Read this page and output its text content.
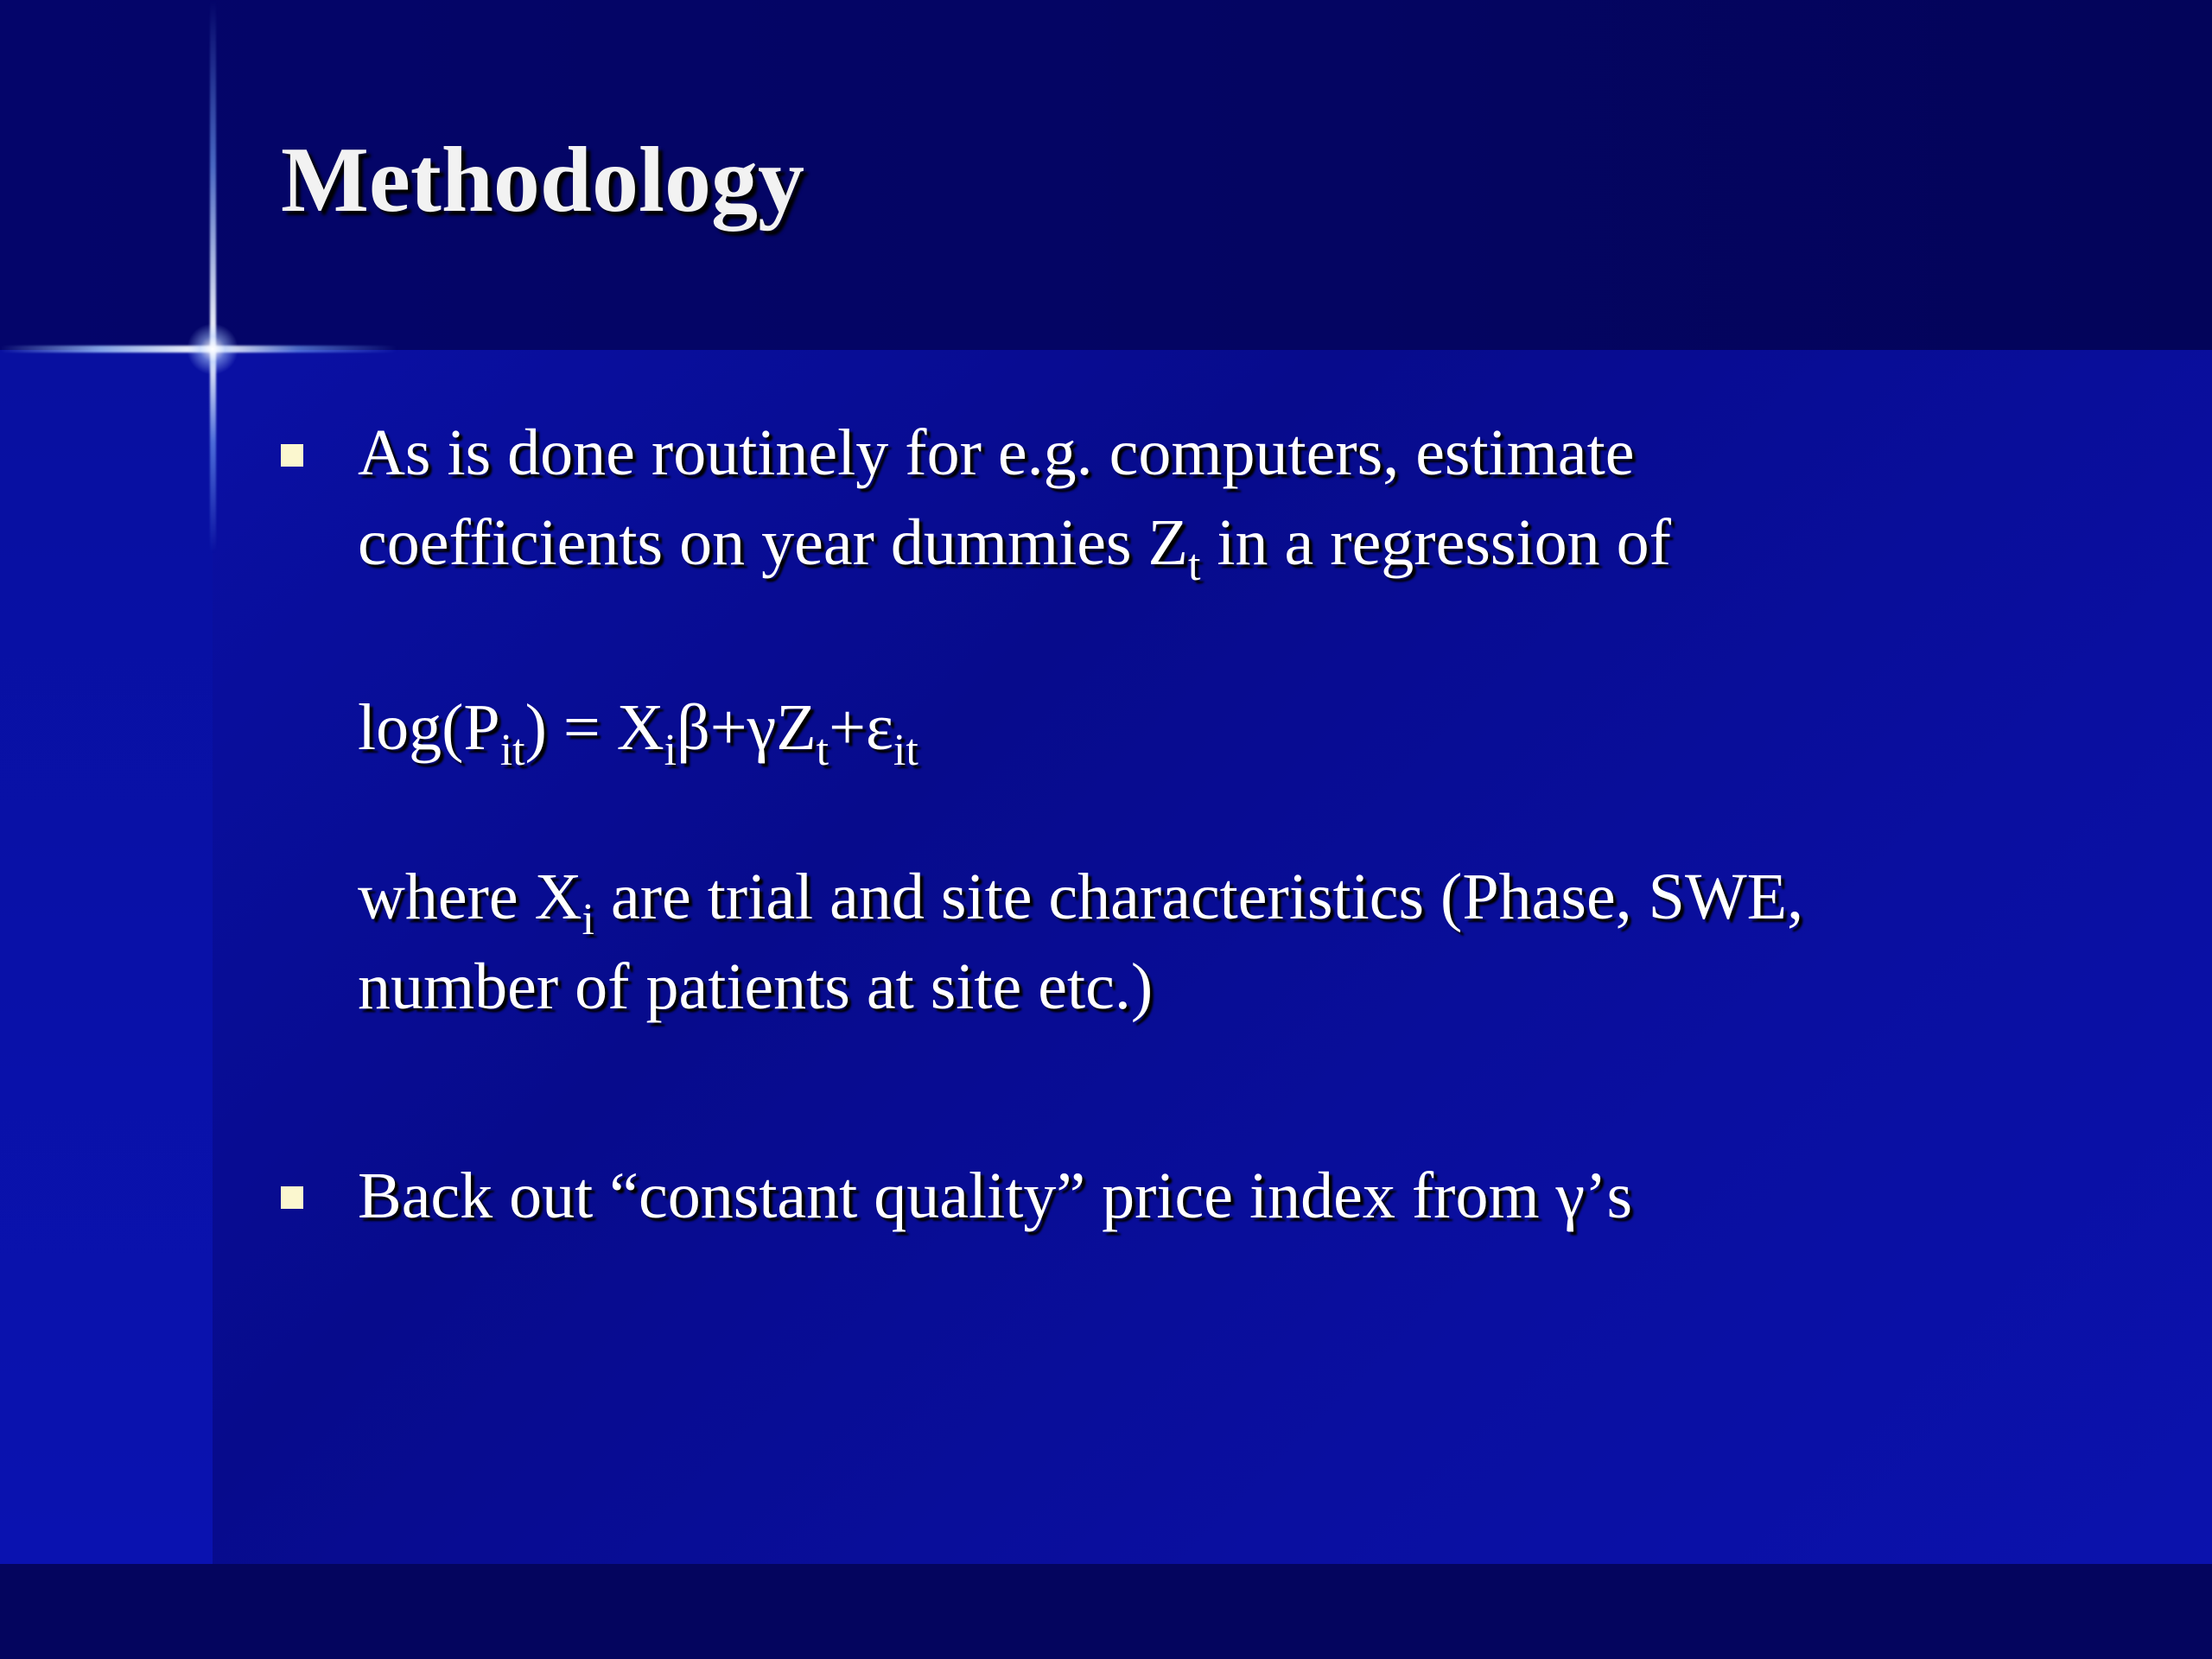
Methodology
As is done routinely for e.g. computers, estimate
coefficients on year dummies $Z_t$ in a regression of
$\log(P_{it}) = X_i\beta+\gamma Z_t+\varepsilon_{it}$
where $X_i$ are trial and site characteristics (Phase, SWE,
number of patients at site etc.)
Back out “constant quality” price index from γ’s
